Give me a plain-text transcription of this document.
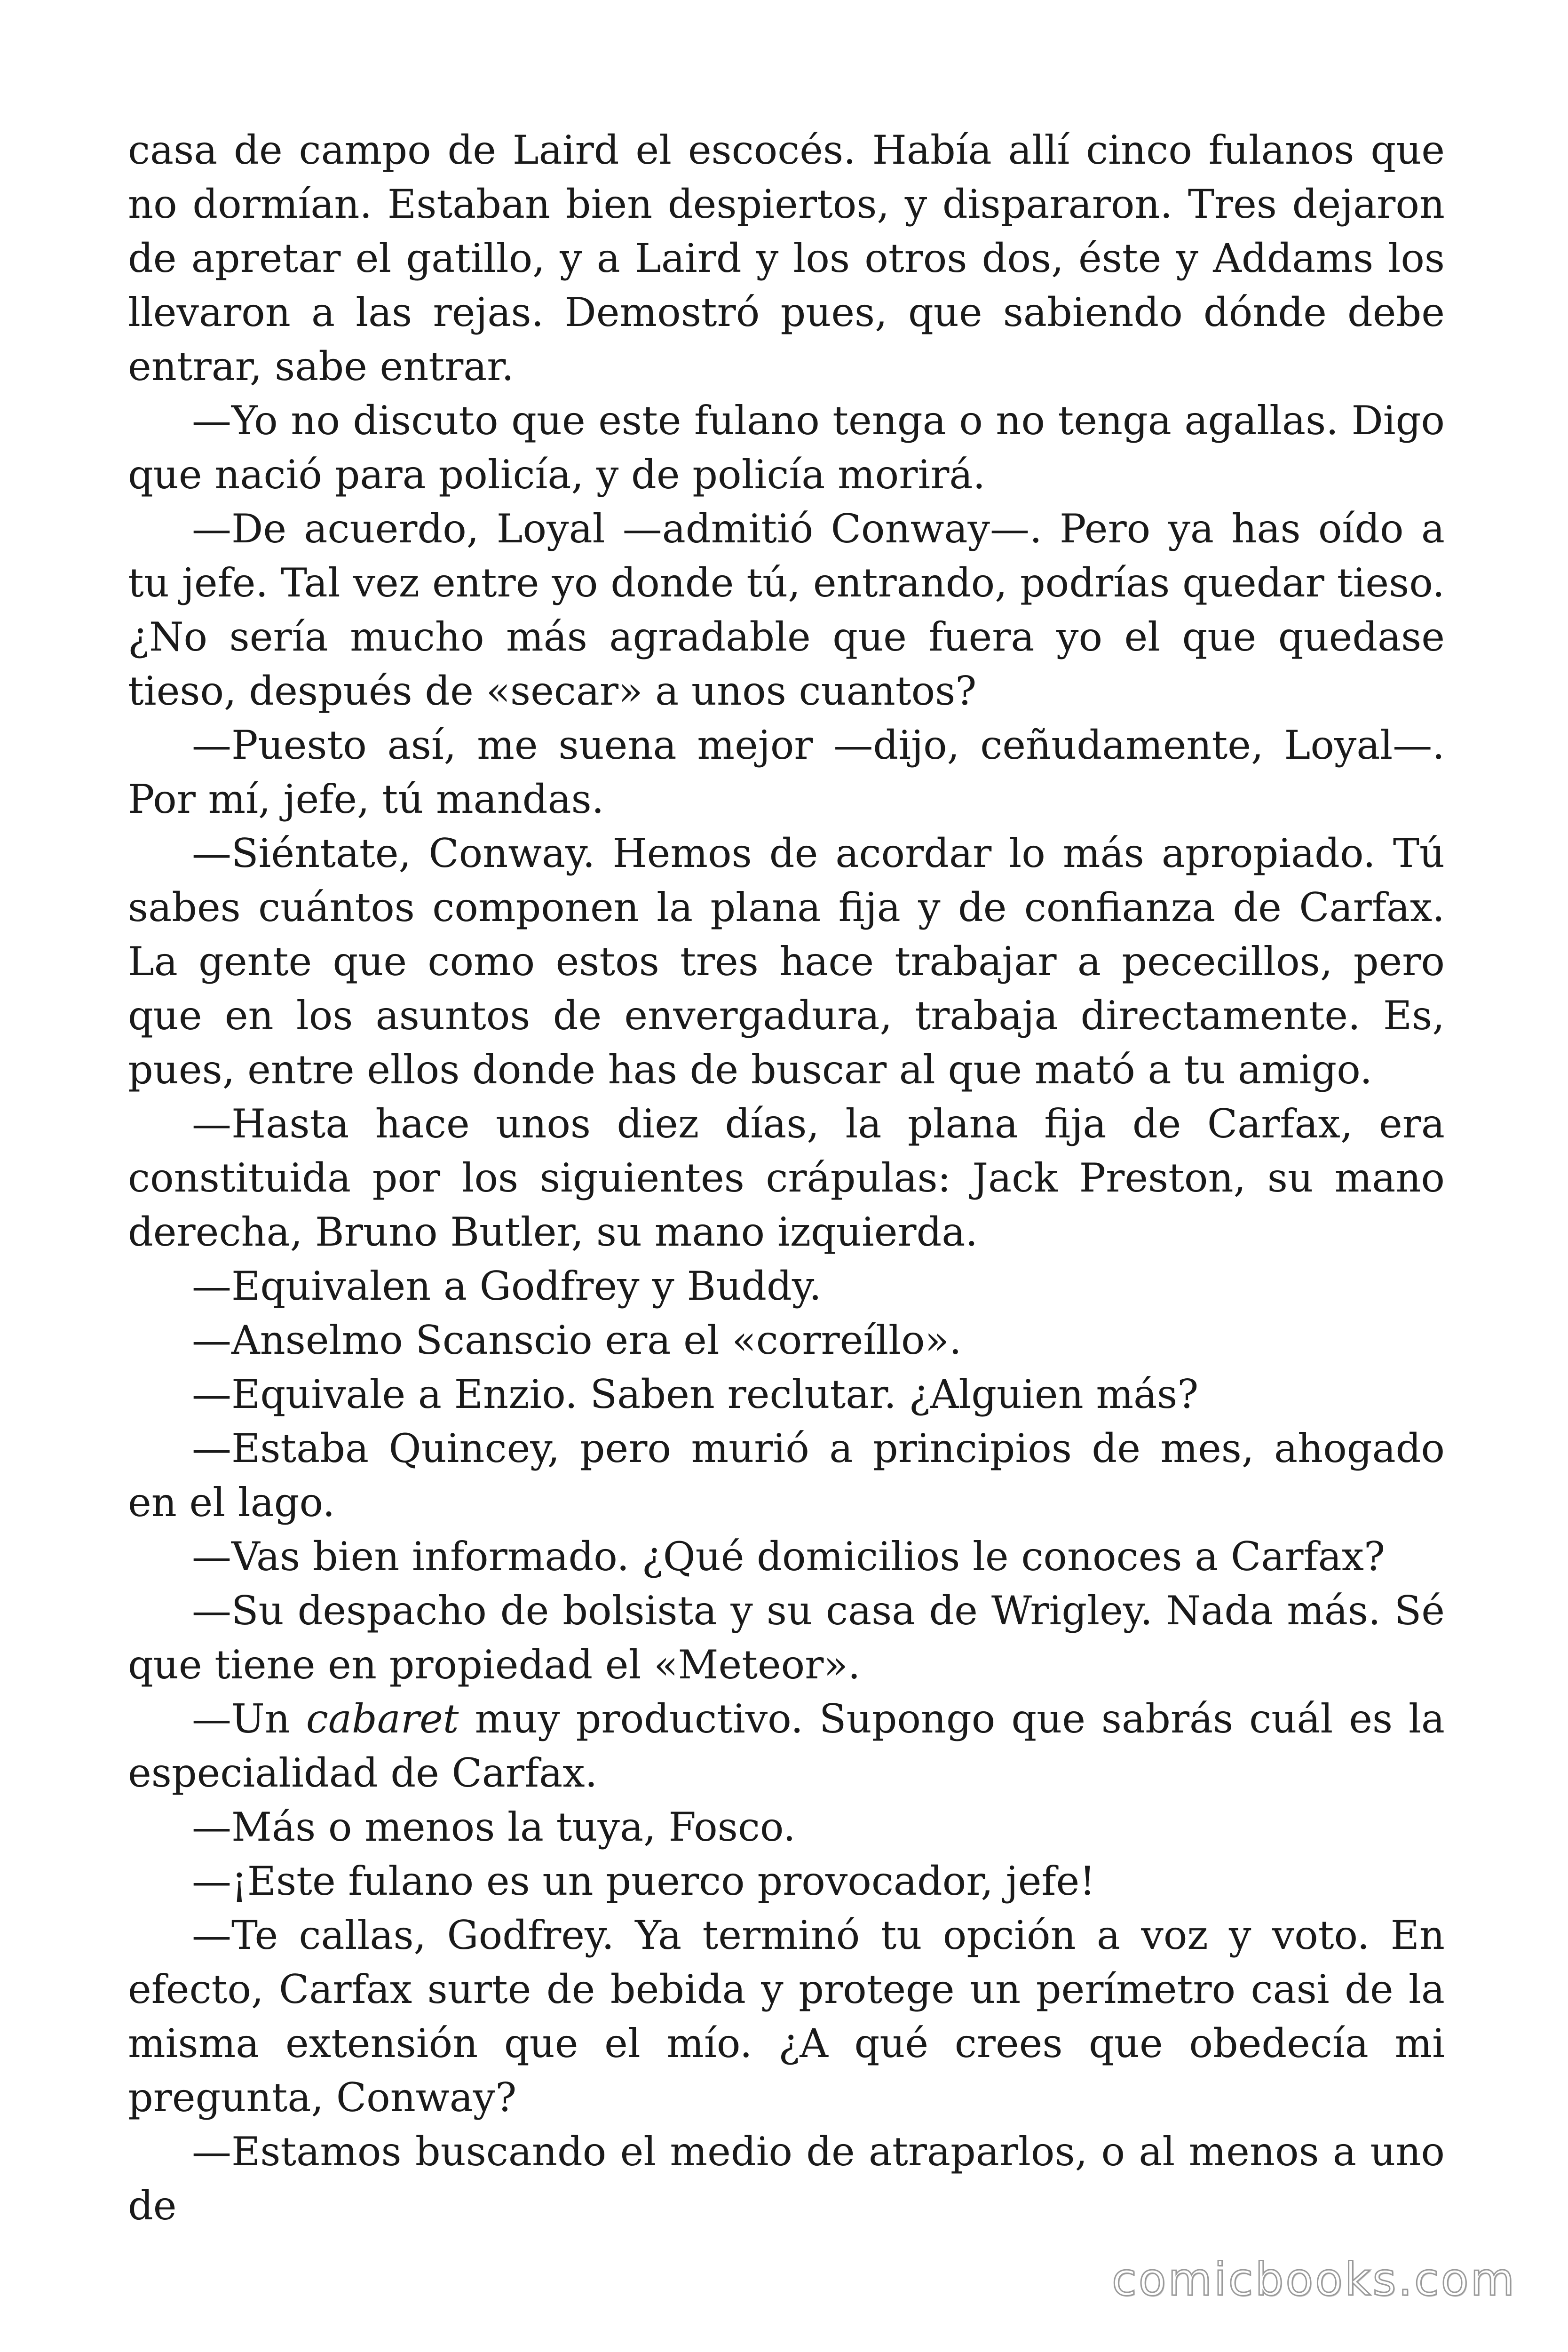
casa de campo de Laird el escocés. Había allí cinco fulanos que no dormían. Estaban bien despiertos, y dispararon. Tres dejaron de apretar el gatillo, y a Laird y los otros dos, éste y Addams los llevaron a las rejas. Demostró pues, que sabiendo dónde debe entrar, sabe entrar.

—Yo no discuto que este fulano tenga o no tenga agallas. Digo que nació para policía, y de policía morirá.

—De acuerdo, Loyal —admitió Conway—. Pero ya has oído a tu jefe. Tal vez entre yo donde tú, entrando, podrías quedar tieso. ¿No sería mucho más agradable que fuera yo el que quedase tieso, después de «secar» a unos cuantos?

—Puesto así, me suena mejor —dijo, ceñudamente, Loyal—. Por mí, jefe, tú mandas.

—Siéntate, Conway. Hemos de acordar lo más apropiado. Tú sabes cuántos componen la plana fija y de confianza de Carfax. La gente que como estos tres hace trabajar a pececillos, pero que en los asuntos de envergadura, trabaja directamente. Es, pues, entre ellos donde has de buscar al que mató a tu amigo.

—Hasta hace unos diez días, la plana fija de Carfax, era constituida por los siguientes crápulas: Jack Preston, su mano derecha, Bruno Butler, su mano izquierda.

—Equivalen a Godfrey y Buddy.

—Anselmo Scanscio era el «correíllo».

—Equivale a Enzio. Saben reclutar. ¿Alguien más?

—Estaba Quincey, pero murió a principios de mes, ahogado en el lago.

—Vas bien informado. ¿Qué domicilios le conoces a Carfax?

—Su despacho de bolsista y su casa de Wrigley. Nada más. Sé que tiene en propiedad el «Meteor».

—Un cabaret muy productivo. Supongo que sabrás cuál es la especialidad de Carfax.

—Más o menos la tuya, Fosco.

—¡Este fulano es un puerco provocador, jefe!

—Te callas, Godfrey. Ya terminó tu opción a voz y voto. En efecto, Carfax surte de bebida y protege un perímetro casi de la misma extensión que el mío. ¿A qué crees que obedecía mi pregunta, Conway?

—Estamos buscando el medio de atraparlos, o al menos a uno de

comicbooks.com
